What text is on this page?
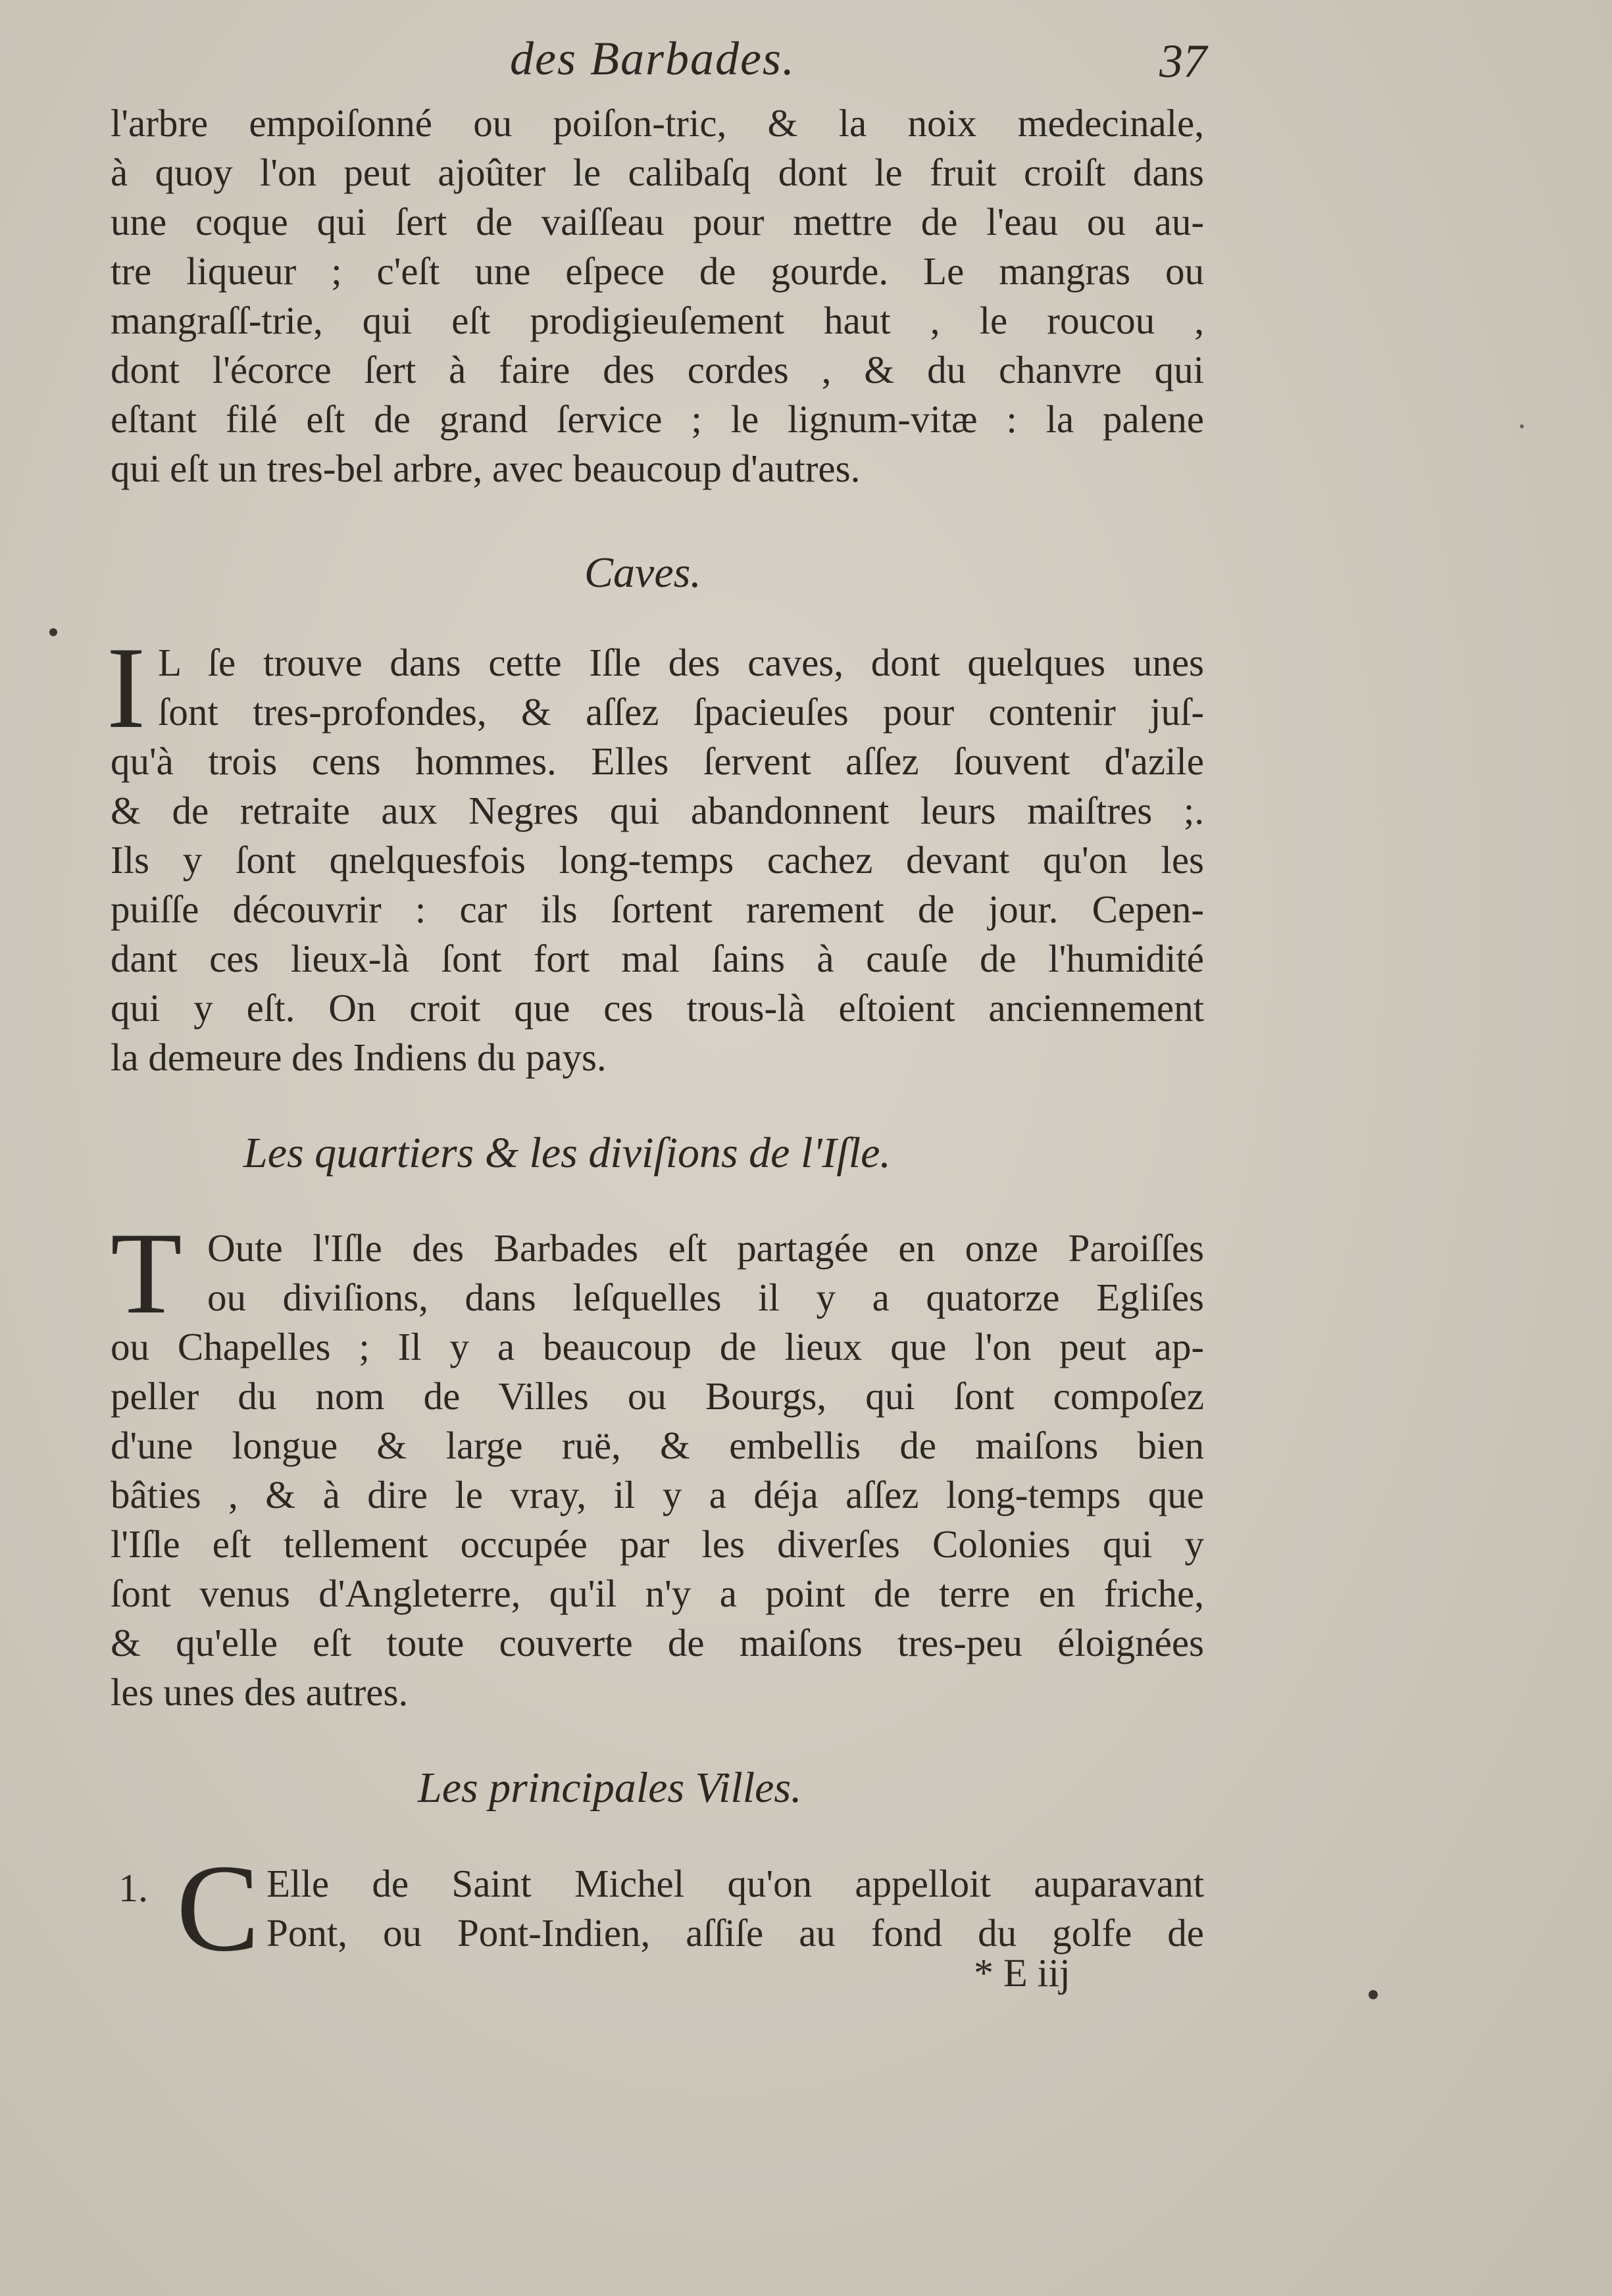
des Barbades.	37
l'arbre empoiſonné ou poiſon-tric, & la noix medecinale,
à quoy l'on peut ajoûter le calibaſq dont le fruit croiſt dans
une coque qui ſert de vaiſſeau pour mettre de l'eau ou au-
tre liqueur ; c'eſt une eſpece de gourde. Le mangras ou
mangraſſ-trie, qui eſt prodigieuſement haut , le roucou ,
dont l'écorce ſert à faire des cordes , & du chanvre qui
eſtant filé eſt de grand ſervice ; le lignum-vitæ : la palene
qui eſt un tres-bel arbre, avec beaucoup d'autres.
Caves.
I L ſe trouve dans cette Iſle des caves, dont quelques unes
ſont tres-profondes, & aſſez ſpacieuſes pour contenir juſ-
qu'à trois cens hommes. Elles ſervent aſſez ſouvent d'azile
& de retraite aux Negres qui abandonnent leurs maiſtres ;.
Ils y ſont qnelquesfois long-temps cachez devant qu'on les
puiſſe découvrir : car ils ſortent rarement de jour. Cepen-
dant ces lieux-là ſont fort mal ſains à cauſe de l'humidité
qui y eſt. On croit que ces trous-là eſtoient anciennement
la demeure des Indiens du pays.
Les quartiers & les diviſions de l'Iſle.
T Oute l'Iſle des Barbades eſt partagée en onze Paroiſſes
ou diviſions, dans leſquelles il y a quatorze Egliſes
ou Chapelles ; Il y a beaucoup de lieux que l'on peut ap-
peller du nom de Villes ou Bourgs, qui ſont compoſez
d'une longue & large ruë, & embellis de maiſons bien
bâties , & à dire le vray, il y a déja aſſez long-temps que
l'Iſle eſt tellement occupée par les diverſes Colonies qui y
ſont venus d'Angleterre, qu'il n'y a point de terre en friche,
& qu'elle eſt toute couverte de maiſons tres-peu éloignées
les unes des autres.
Les principales Villes.
1. C Elle de Saint Michel qu'on appelloit auparavant
Pont, ou Pont-Indien, aſſiſe au fond du golfe de
* E iij
